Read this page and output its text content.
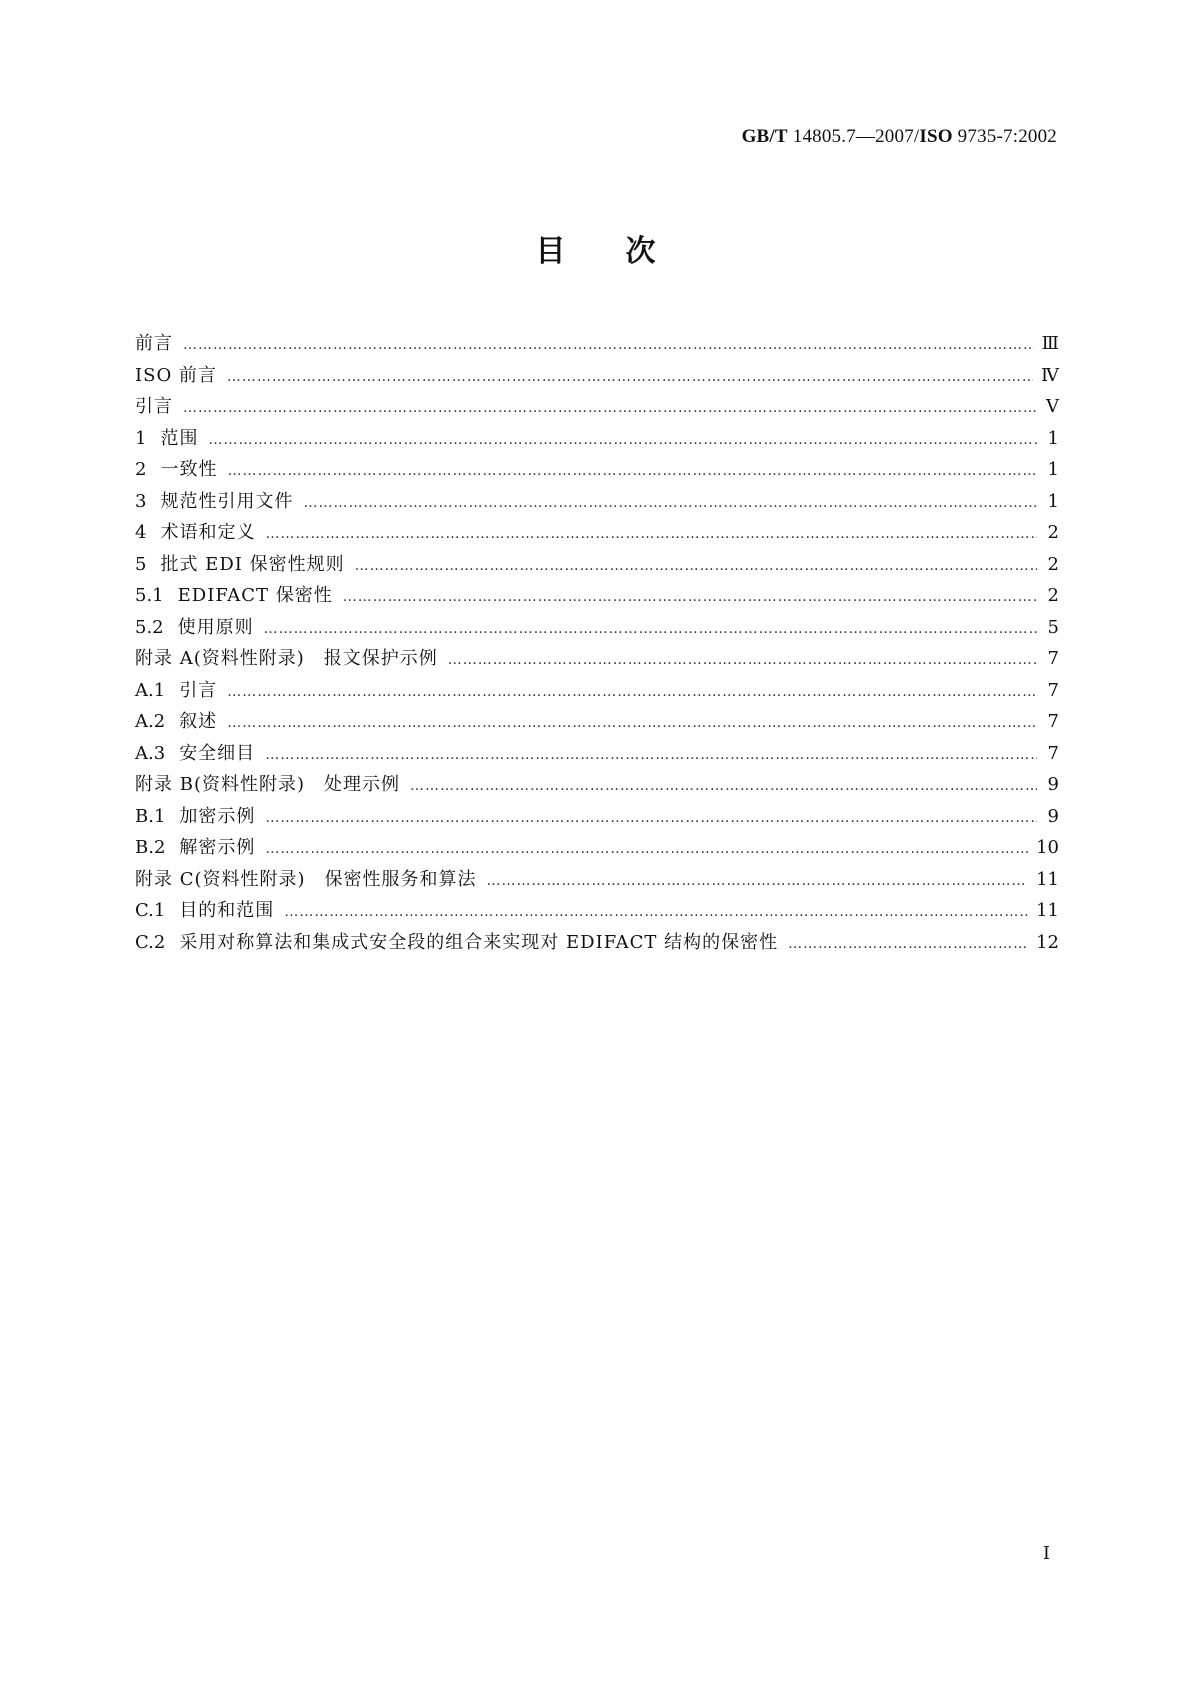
GB/T 14805.7—2007/ISO 9735-7:2002
目次
前言 …………………………………………………………………………………………………………………………………………………………………………………………………………………………………………………………	Ⅲ
ISO 前言 …………………………………………………………………………………………………………………………………………………………………………………………………………………………………………………………	Ⅳ
引言 …………………………………………………………………………………………………………………………………………………………………………………………………………………………………………………………	Ⅴ
1 范围 …………………………………………………………………………………………………………………………………………………………………………………………………………………………………………………………	1
2 一致性 …………………………………………………………………………………………………………………………………………………………………………………………………………………………………………………………	1
3 规范性引用文件 …………………………………………………………………………………………………………………………………………………………………………………………………………………………………………………………	1
4 术语和定义 …………………………………………………………………………………………………………………………………………………………………………………………………………………………………………………………	2
5 批式 EDI 保密性规则 …………………………………………………………………………………………………………………………………………………………………………………………………………………………………………………………	2
5.1 EDIFACT 保密性 …………………………………………………………………………………………………………………………………………………………………………………………………………………………………………………………	2
5.2 使用原则 …………………………………………………………………………………………………………………………………………………………………………………………………………………………………………………………	5
附录 A(资料性附录)　报文保护示例 …………………………………………………………………………………………………………………………………………………………………………………………………………………………………………………………	7
A.1 引言 …………………………………………………………………………………………………………………………………………………………………………………………………………………………………………………………	7
A.2 叙述 …………………………………………………………………………………………………………………………………………………………………………………………………………………………………………………………	7
A.3 安全细目 …………………………………………………………………………………………………………………………………………………………………………………………………………………………………………………………	7
附录 B(资料性附录)　处理示例 …………………………………………………………………………………………………………………………………………………………………………………………………………………………………………………………	9
B.1 加密示例 …………………………………………………………………………………………………………………………………………………………………………………………………………………………………………………………	9
B.2 解密示例 …………………………………………………………………………………………………………………………………………………………………………………………………………………………………………………………	10
附录 C(资料性附录)　保密性服务和算法 …………………………………………………………………………………………………………………………………………………………………………………………………………………………………………………………	11
C.1 目的和范围 …………………………………………………………………………………………………………………………………………………………………………………………………………………………………………………………	11
C.2 采用对称算法和集成式安全段的组合来实现对 EDIFACT 结构的保密性 …………………………………………………………………………………………………………………………………………………………………………………………………………………………………………………………	12
Ⅰ
